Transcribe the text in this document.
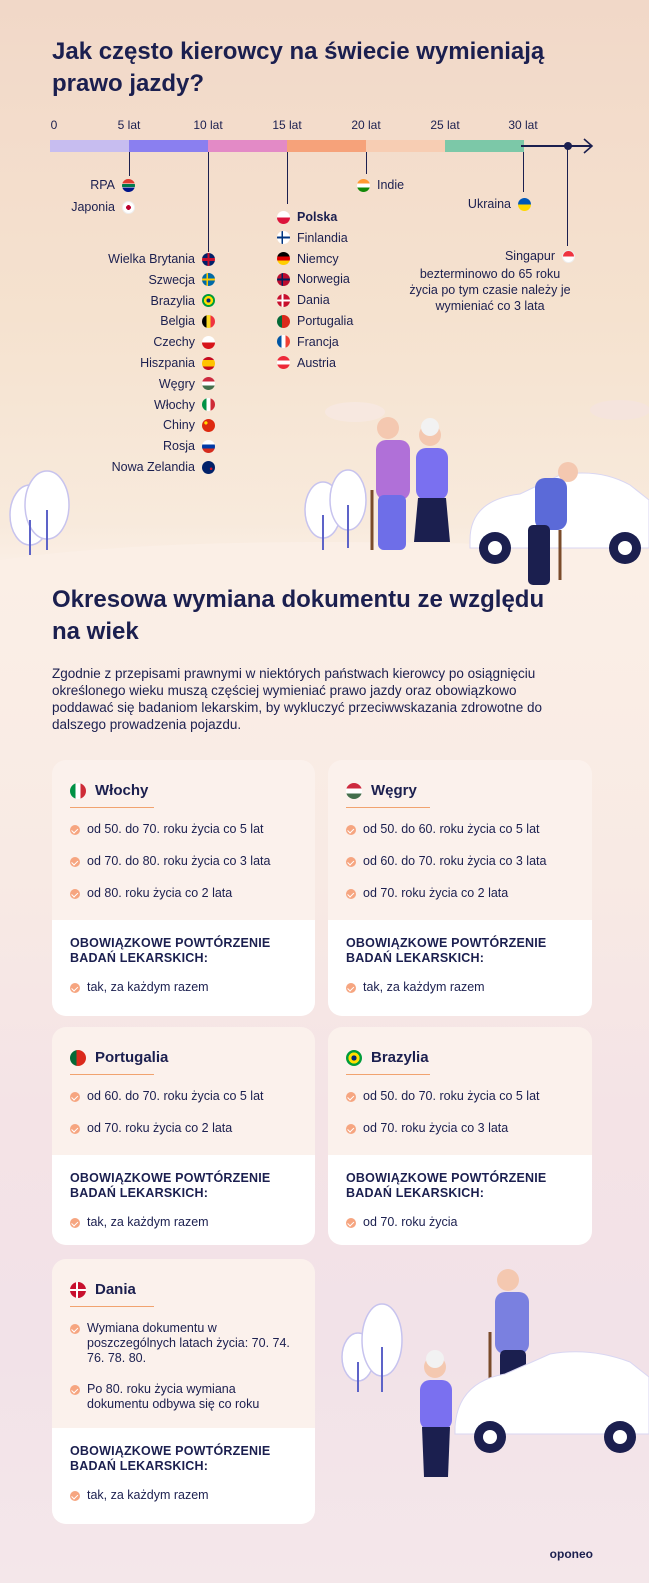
Jak często kierowcy na świecie wymieniają prawo jazdy?
0	5 lat	10 lat	15 lat	20 lat	25 lat	30 lat
RPA
Japonia
Indie
Ukraina
Singapur
bezterminowo do 65 roku życia po tym czasie należy je wymieniać co 3 lata
Okresowa wymiana dokumentu ze względu na wiek
Zgodnie z przepisami prawnymi w niektórych państwach kierowcy po osiągnięciu określonego wieku muszą częściej wymieniać prawo jazdy oraz obowiązkowo poddawać się badaniom lekarskim, by wykluczyć przeciwwskazania zdrowotne do dalszego prowadzenia pojazdu.
Włochy
od 50. do 70. roku życia co 5 lat
od 70. do 80. roku życia co 3 lata
od 80. roku życia co 2 lata
OBOWIĄZKOWE POWTÓRZENIE BADAŃ LEKARSKICH:
tak, za każdym razem
Węgry
od 50. do 60. roku życia co 5 lat
od 60. do 70. roku życia co 3 lata
od 70. roku życia co 2 lata
OBOWIĄZKOWE POWTÓRZENIE BADAŃ LEKARSKICH:
tak, za każdym razem
Portugalia
od 60. do 70. roku życia co 5 lat
od 70. roku życia co 2 lata
OBOWIĄZKOWE POWTÓRZENIE BADAŃ LEKARSKICH:
tak, za każdym razem
Brazylia
od 50. do 70. roku życia co 5 lat
od 70. roku życia co 3 lata
OBOWIĄZKOWE POWTÓRZENIE BADAŃ LEKARSKICH:
od 70. roku życia
Dania
Wymiana dokumentu w poszczególnych latach życia: 70. 74. 76. 78. 80.
Po 80. roku życia wymiana dokumentu odbywa się co roku
OBOWIĄZKOWE POWTÓRZENIE BADAŃ LEKARSKICH:
tak, za każdym razem
oponeo
Wielka Brytania
Szwecja
Brazylia
Belgia
Czechy
Hiszpania
Węgry
Włochy
Chiny
Rosja
Nowa Zelandia
Polska
Finlandia
Niemcy
Norwegia
Dania
Portugalia
Francja
Austria
